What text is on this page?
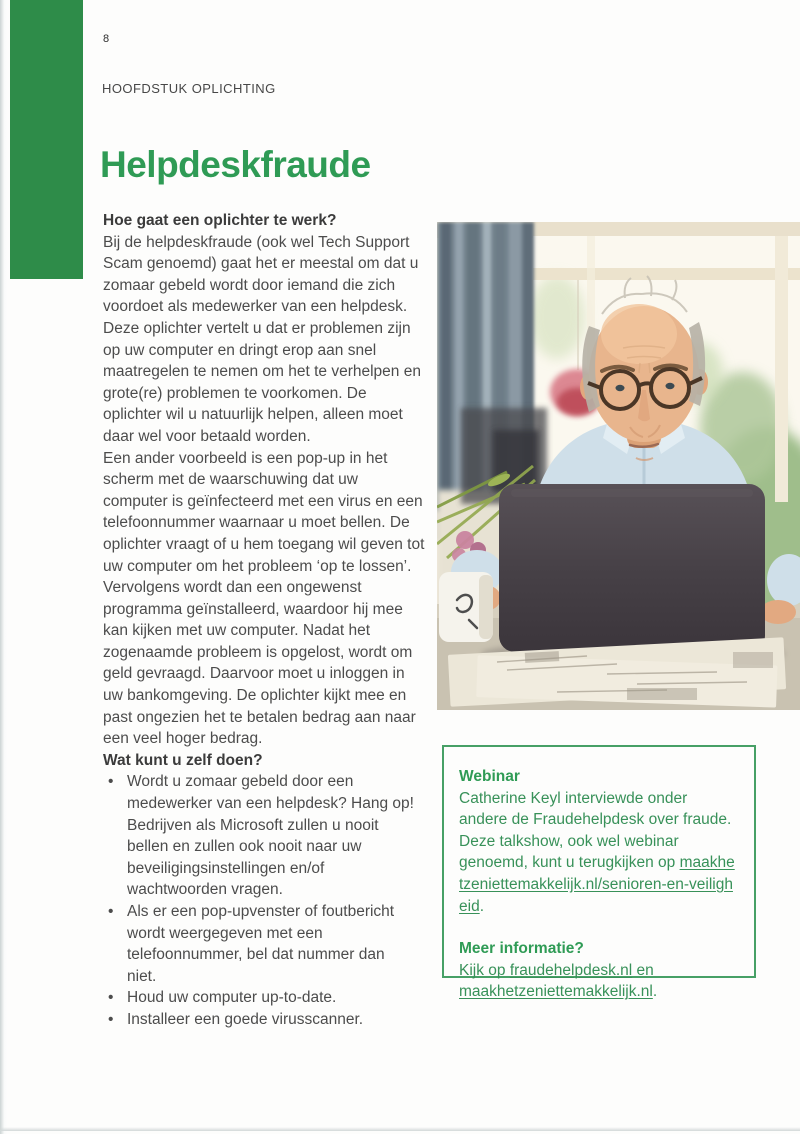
8
HOOFDSTUK OPLICHTING
Helpdeskfraude
Hoe gaat een oplichter te werk?

Bij de helpdeskfraude (ook wel Tech Support Scam genoemd) gaat het er meestal om dat u zomaar gebeld wordt door iemand die zich voordoet als medewerker van een helpdesk. Deze oplichter vertelt u dat er problemen zijn op uw computer en dringt erop aan snel maatregelen te nemen om het te verhelpen en grote(re) problemen te voorkomen. De oplichter wil u natuurlijk helpen, alleen moet daar wel voor betaald worden.

Een ander voorbeeld is een pop-up in het scherm met de waarschuwing dat uw computer is geïnfecteerd met een virus en een telefoonnummer waarnaar u moet bellen. De oplichter vraagt of u hem toegang wil geven tot uw computer om het probleem ‘op te lossen’. Vervolgens wordt dan een ongewenst programma geïnstalleerd, waardoor hij mee kan kijken met uw computer. Nadat het zogenaamde probleem is opgelost, wordt om geld gevraagd. Daarvoor moet u inloggen in uw bankomgeving. De oplichter kijkt mee en past ongezien het te betalen bedrag aan naar een veel hoger bedrag.

Wat kunt u zelf doen?
• Wordt u zomaar gebeld door een medewerker van een helpdesk? Hang op! Bedrijven als Microsoft zullen u nooit bellen en zullen ook nooit naar uw beveiligingsinstellingen en/of wachtwoorden vragen.
• Als er een pop-upvenster of foutbericht wordt weergegeven met een telefoonnummer, bel dat nummer dan niet.
• Houd uw computer up-to-date.
• Installeer een goede virusscanner.
Webinar

Catherine Keyl interviewde onder andere de Fraudehelpdesk over fraude. Deze talkshow, ook wel webinar genoemd, kunt u terugkijken op maakhetzeniettemakkelijk.nl/senioren-en-veiligheid.

Meer informatie?

Kijk op fraudehelpdesk.nl en maakhetzeniettemakkelijk.nl.
